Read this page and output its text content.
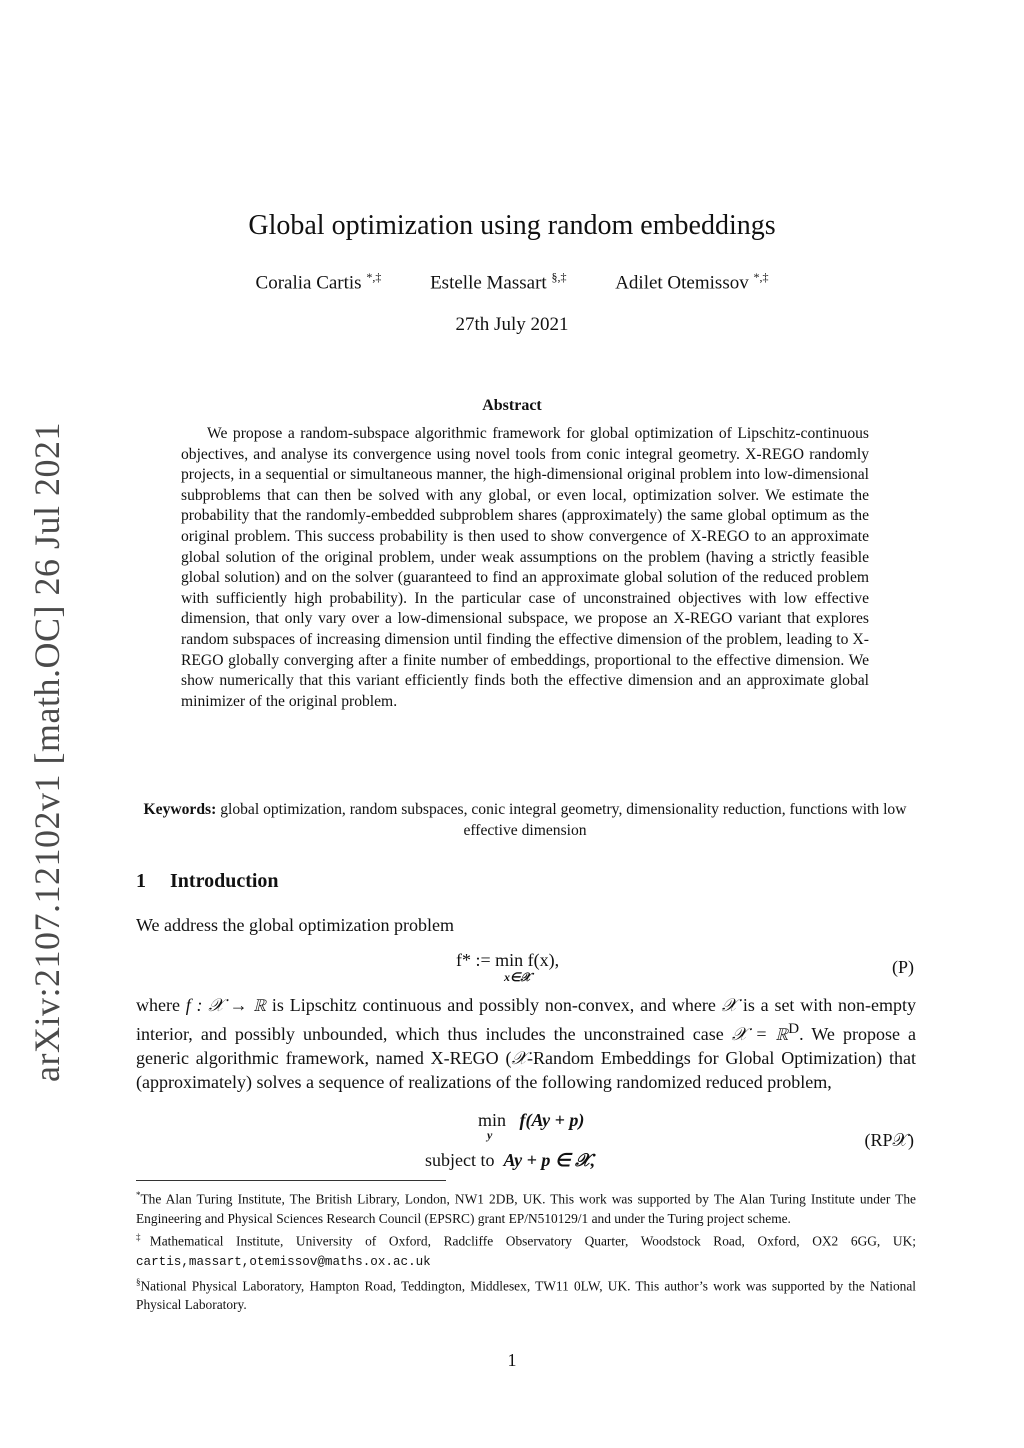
arXiv:2107.12102v1 [math.OC] 26 Jul 2021
Global optimization using random embeddings
Coralia Cartis *,‡	Estelle Massart §,‡	Adilet Otemissov *,‡
27th July 2021
Abstract
We propose a random-subspace algorithmic framework for global optimization of Lipschitz-continuous objectives, and analyse its convergence using novel tools from conic integral geometry. X-REGO randomly projects, in a sequential or simultaneous manner, the high-dimensional original problem into low-dimensional subproblems that can then be solved with any global, or even local, optimization solver. We estimate the probability that the randomly-embedded subproblem shares (approximately) the same global optimum as the original problem. This success probability is then used to show convergence of X-REGO to an approximate global solution of the original problem, under weak assumptions on the problem (having a strictly feasible global solution) and on the solver (guaranteed to find an approximate global solution of the reduced problem with sufficiently high probability). In the particular case of unconstrained objectives with low effective dimension, that only vary over a low-dimensional subspace, we propose an X-REGO variant that explores random subspaces of increasing dimension until finding the effective dimension of the problem, leading to X-REGO globally converging after a finite number of embeddings, proportional to the effective dimension. We show numerically that this variant efficiently finds both the effective dimension and an approximate global minimizer of the original problem.
Keywords: global optimization, random subspaces, conic integral geometry, dimensionality reduction, functions with low effective dimension
1 Introduction
We address the global optimization problem
f* := min f(x),
x∈𝒳	(P)
where f : 𝒳 → ℝ is Lipschitz continuous and possibly non-convex, and where 𝒳 is a set with non-empty interior, and possibly unbounded, which thus includes the unconstrained case 𝒳 = ℝ$^D$. We propose a generic algorithmic framework, named X-REGO (𝒳-Random Embeddings for Global Optimization) that (approximately) solves a sequence of realizations of the following randomized reduced problem,
min f(Ay + p)
y
subject to Ay + p ∈ 𝒳,
(RP𝒳)

*The Alan Turing Institute, The British Library, London, NW1 2DB, UK. This work was supported by The Alan Turing Institute under The Engineering and Physical Sciences Research Council (EPSRC) grant EP/N510129/1 and under the Turing project scheme.

‡Mathematical Institute, University of Oxford, Radcliffe Observatory Quarter, Woodstock Road, Oxford, OX2 6GG, UK; cartis,massart,otemissov@maths.ox.ac.uk

§National Physical Laboratory, Hampton Road, Teddington, Middlesex, TW11 0LW, UK. This author’s work was supported by the National Physical Laboratory.

1
